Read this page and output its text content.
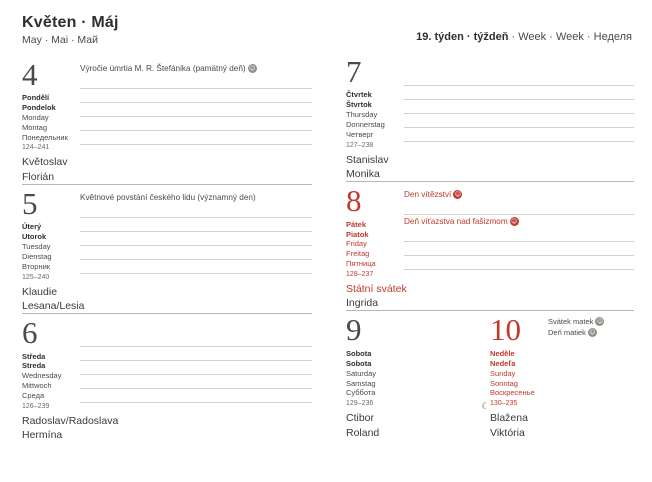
Květen · Máj
May · Mai · Май
4
Pondělí
Pondelok
Monday
Montag
Понедельник
124–241
Výročie úmrtia M. R. Štefánika (pamätný deň) ☺
Květoslav
Florián
5
Úterý
Utorok
Tuesday
Dienstag
Вторник
125–240
Květnové povstání českého lidu (významný den)
Klaudie
Lesana/Lesia
6
Středa
Streda
Wednesday
Mittwoch
Среда
126–239
Radoslav/Radoslava
Hermína
19. týden · týždeň · Week · Week · Неделя
7
Čtvrtek
Štvrtok
Thursday
Donnerstag
Четверг
127–238
Stanislav
Monika
8
Pátek
Piatok
Friday
Freitag
Пятница
128–237
Den vítězství ☺
Deň víťazstva nad fašizmom ☺
Státní svátek
Ingrida
9
Sobota
Sobota
Saturday
Samstag
Суббота
129–236
10
Neděle
Nedeľa
Sunday
Sonntag
Воскресенье
130–235
Svátek matek ☺
Deň matiek ☺
Ctibor
Roland
Blažena
Viktória
☾
